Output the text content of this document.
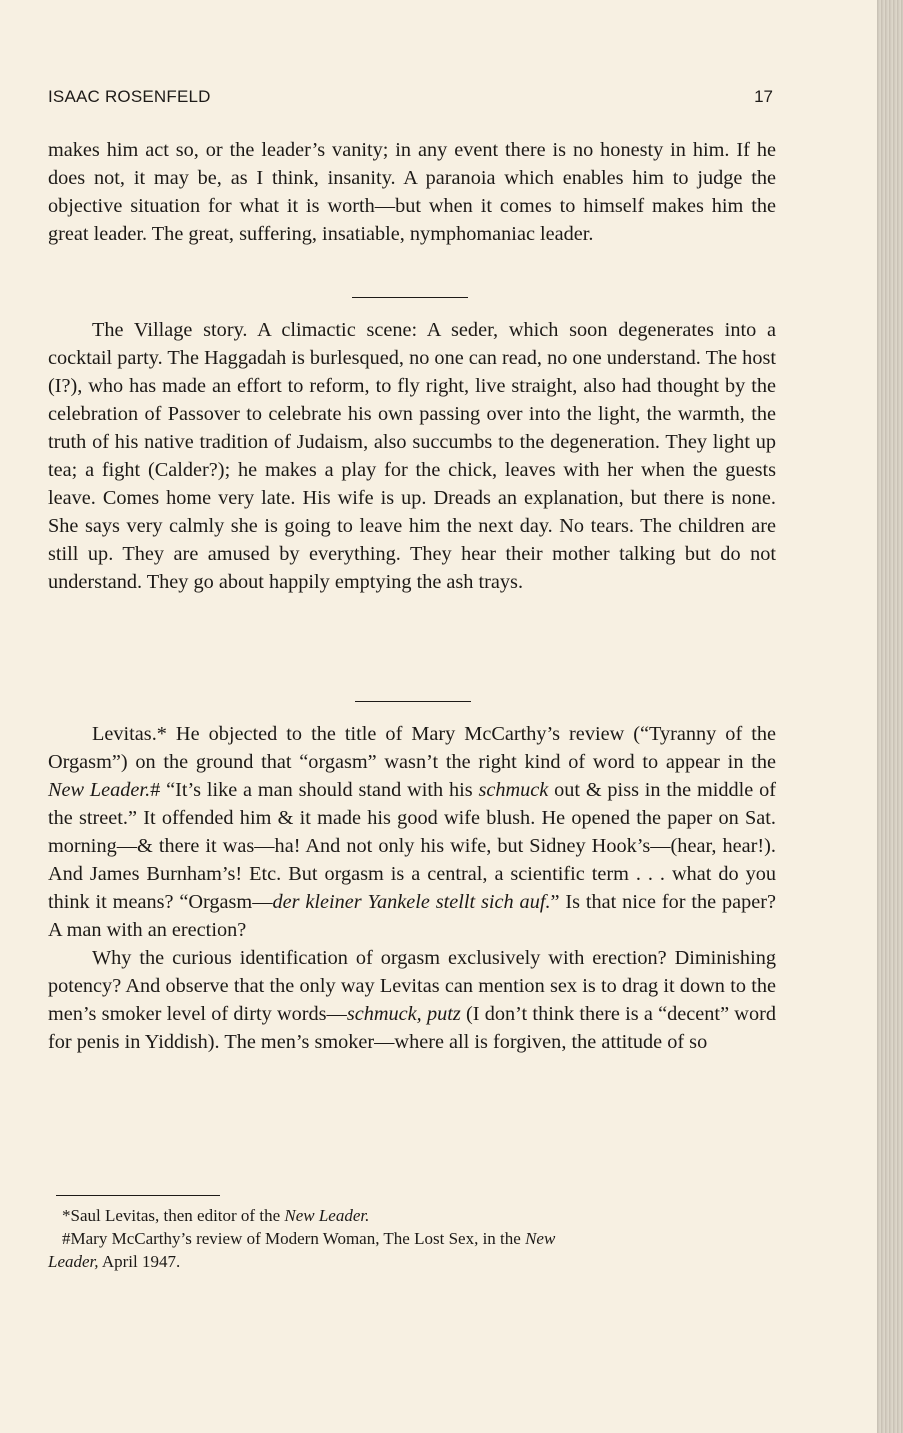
ISAAC ROSENFELD	17

makes him act so, or the leader’s vanity; in any event there is no honesty in him. If he does not, it may be, as I think, insanity. A paranoia which enables him to judge the objective situation for what it is worth—but when it comes to himself makes him the great leader. The great, suffering, insatiable, nymphomaniac leader.

The Village story. A climactic scene: A seder, which soon degenerates into a cocktail party. The Haggadah is burlesqued, no one can read, no one understand. The host (I?), who has made an effort to reform, to fly right, live straight, also had thought by the celebration of Passover to celebrate his own passing over into the light, the warmth, the truth of his native tradition of Judaism, also succumbs to the degeneration. They light up tea; a fight (Calder?); he makes a play for the chick, leaves with her when the guests leave. Comes home very late. His wife is up. Dreads an explanation, but there is none. She says very calmly she is going to leave him the next day. No tears. The children are still up. They are amused by everything. They hear their mother talking but do not understand. They go about happily emptying the ash trays.

Levitas.* He objected to the title of Mary McCarthy’s review (“Tyranny of the Orgasm”) on the ground that “orgasm” wasn’t the right kind of word to appear in the New Leader.# “It’s like a man should stand with his schmuck out & piss in the middle of the street.” It offended him & it made his good wife blush. He opened the paper on Sat. morning—& there it was—ha! And not only his wife, but Sidney Hook’s—(hear, hear!). And James Burnham’s! Etc. But orgasm is a central, a scientific term . . . what do you think it means? “Orgasm—der kleiner Yankele stellt sich auf.” Is that nice for the paper? A man with an erection?

Why the curious identification of orgasm exclusively with erection? Diminishing potency? And observe that the only way Levitas can mention sex is to drag it down to the men’s smoker level of dirty words—schmuck, putz (I don’t think there is a “decent” word for penis in Yiddish). The men’s smoker—where all is forgiven, the attitude of so

*Saul Levitas, then editor of the New Leader.

#Mary McCarthy’s review of Modern Woman, The Lost Sex, in the New
Leader, April 1947.
